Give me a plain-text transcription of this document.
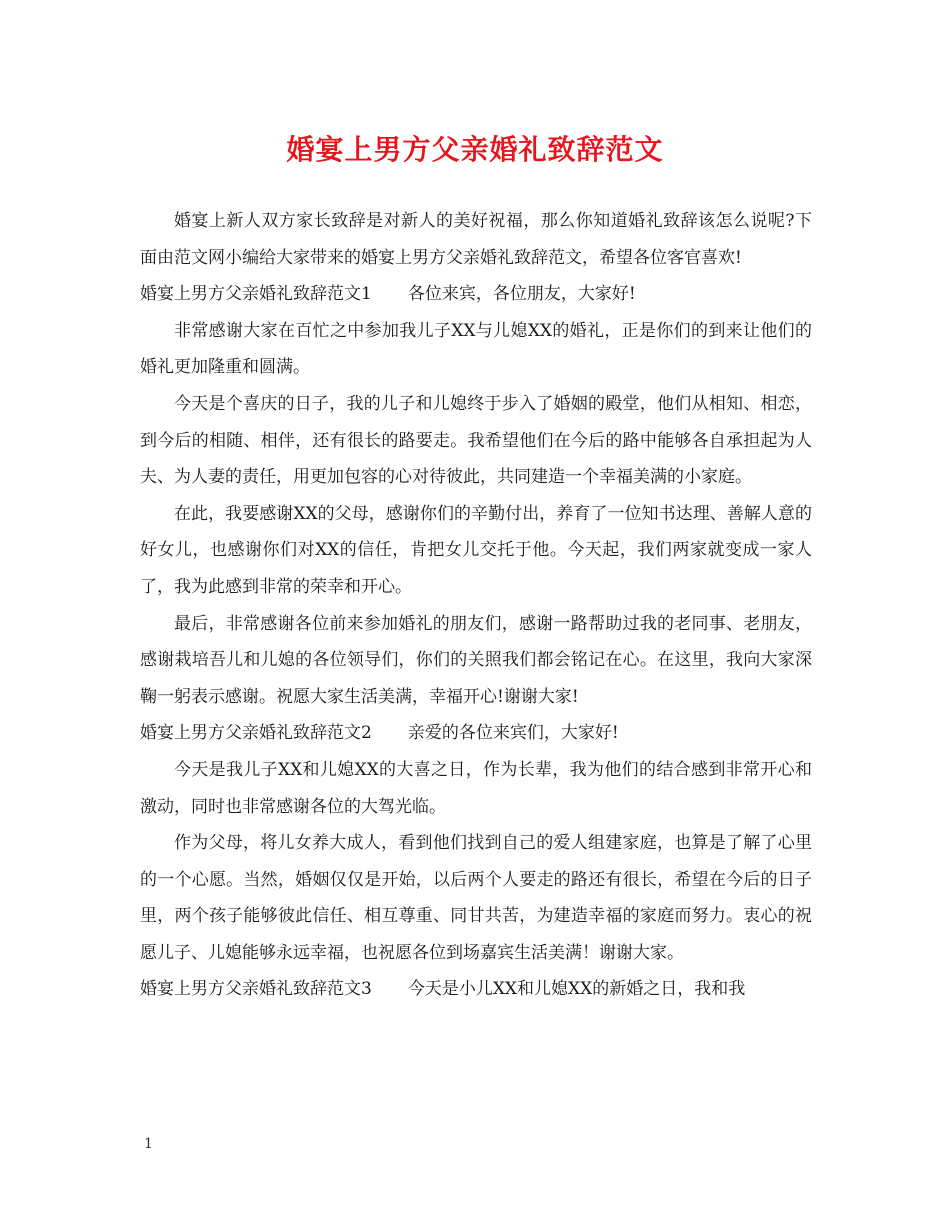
婚宴上男方父亲婚礼致辞范文

婚宴上新人双方家长致辞是对新人的美好祝福，那么你知道婚礼致辞该怎么说呢?下面由范文网小编给大家带来的婚宴上男方父亲婚礼致辞范文，希望各位客官喜欢!

婚宴上男方父亲婚礼致辞范文1 各位来宾，各位朋友，大家好!

非常感谢大家在百忙之中参加我儿子XX与儿媳XX的婚礼，正是你们的到来让他们的婚礼更加隆重和圆满。

今天是个喜庆的日子，我的儿子和儿媳终于步入了婚姻的殿堂，他们从相知、相恋，到今后的相随、相伴，还有很长的路要走。我希望他们在今后的路中能够各自承担起为人夫、为人妻的责任，用更加包容的心对待彼此，共同建造一个幸福美满的小家庭。

在此，我要感谢XX的父母，感谢你们的辛勤付出，养育了一位知书达理、善解人意的好女儿，也感谢你们对XX的信任，肯把女儿交托于他。今天起，我们两家就变成一家人了，我为此感到非常的荣幸和开心。

最后，非常感谢各位前来参加婚礼的朋友们，感谢一路帮助过我的老同事、老朋友，感谢栽培吾儿和儿媳的各位领导们，你们的关照我们都会铭记在心。在这里，我向大家深鞠一躬表示感谢。祝愿大家生活美满，幸福开心!谢谢大家!

婚宴上男方父亲婚礼致辞范文2 亲爱的各位来宾们，大家好!

今天是我儿子XX和儿媳XX的大喜之日，作为长辈，我为他们的结合感到非常开心和激动，同时也非常感谢各位的大驾光临。

作为父母，将儿女养大成人，看到他们找到自己的爱人组建家庭，也算是了解了心里的一个心愿。当然，婚姻仅仅是开始，以后两个人要走的路还有很长，希望在今后的日子里，两个孩子能够彼此信任、相互尊重、同甘共苦，为建造幸福的家庭而努力。衷心的祝愿儿子、儿媳能够永远幸福，也祝愿各位到场嘉宾生活美满！谢谢大家。

婚宴上男方父亲婚礼致辞范文3 今天是小儿XX和儿媳XX的新婚之日，我和我

1
